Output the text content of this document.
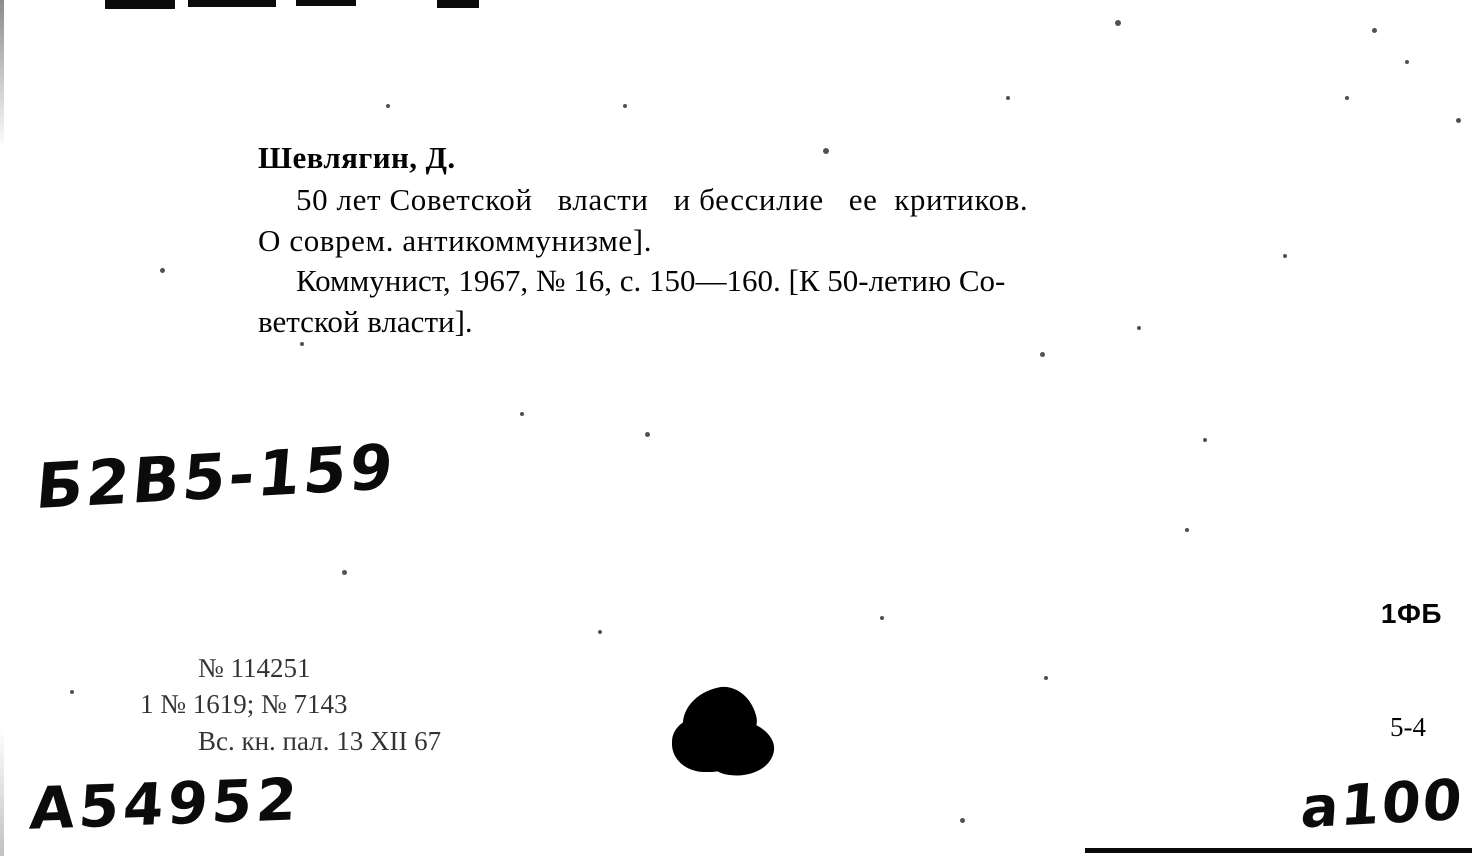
Шевлягин, Д.
50 лет Советской   власти   и бессилие   ее  критиков.
О соврем. антикоммунизме].
Коммунист, 1967, № 16, с. 150—160. [К 50-летию Со-
ветской власти].
Б2В5-159
№ 114251
1 № 1619; № 7143
Вс. кн. пал. 13 XII 67
1ФБ
5-4
А54952	а100
